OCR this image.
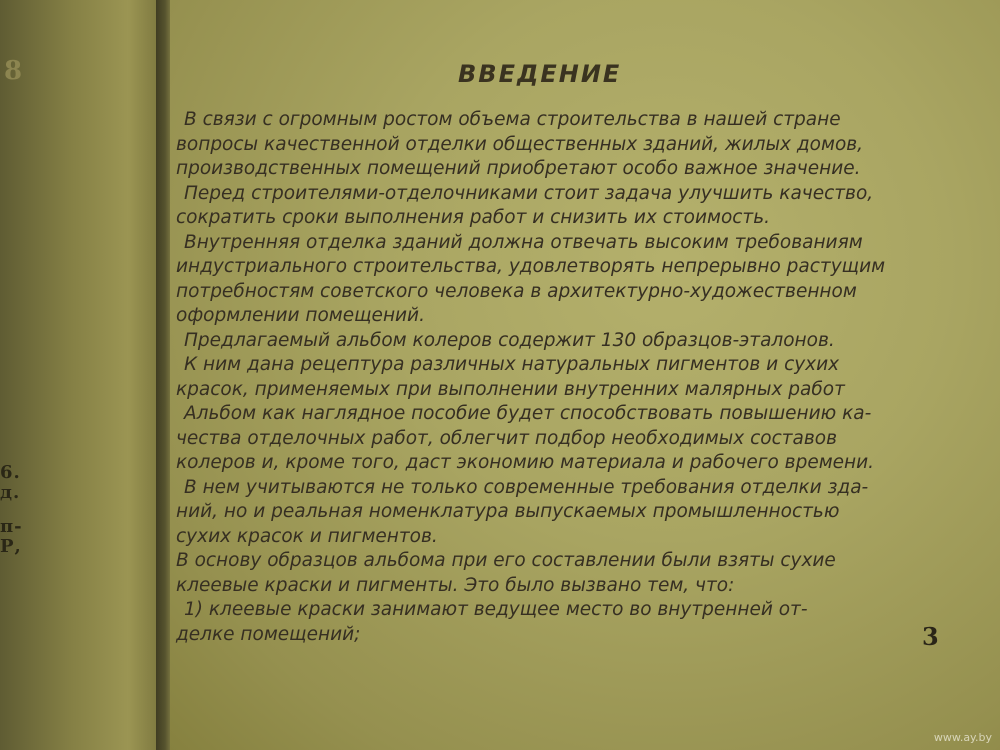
8
6.
д.
п-
Р,
ВВЕДЕНИЕ
В связи с огромным ростом объема строительства в нашей стране
вопросы качественной отделки общественных зданий, жилых домов,
производственных помещений приобретают особо важное значение.
Перед строителями-отделочниками стоит задача улучшить качество,
сократить сроки выполнения работ и снизить их стоимость.
Внутренняя отделка зданий должна отвечать высоким требованиям
индустриального строительства, удовлетворять непрерывно растущим
потребностям советского человека в архитектурно-художественном
оформлении помещений.
Предлагаемый альбом колеров содержит 130 образцов-эталонов.
К ним дана рецептура различных натуральных пигментов и сухих
красок, применяемых при выполнении внутренних малярных работ
Альбом как наглядное пособие будет способствовать повышению ка-
чества отделочных работ, облегчит подбор необходимых составов
колеров и, кроме того, даст экономию материала и рабочего времени.
В нем учитываются не только современные требования отделки зда-
ний, но и реальная номенклатура выпускаемых промышленностью
сухих красок и пигментов.
В основу образцов альбома при его составлении были взяты сухие
клеевые краски и пигменты. Это было вызвано тем, что:
1) клеевые краски занимают ведущее место во внутренней от-
делке помещений;	3
www.ay.by
